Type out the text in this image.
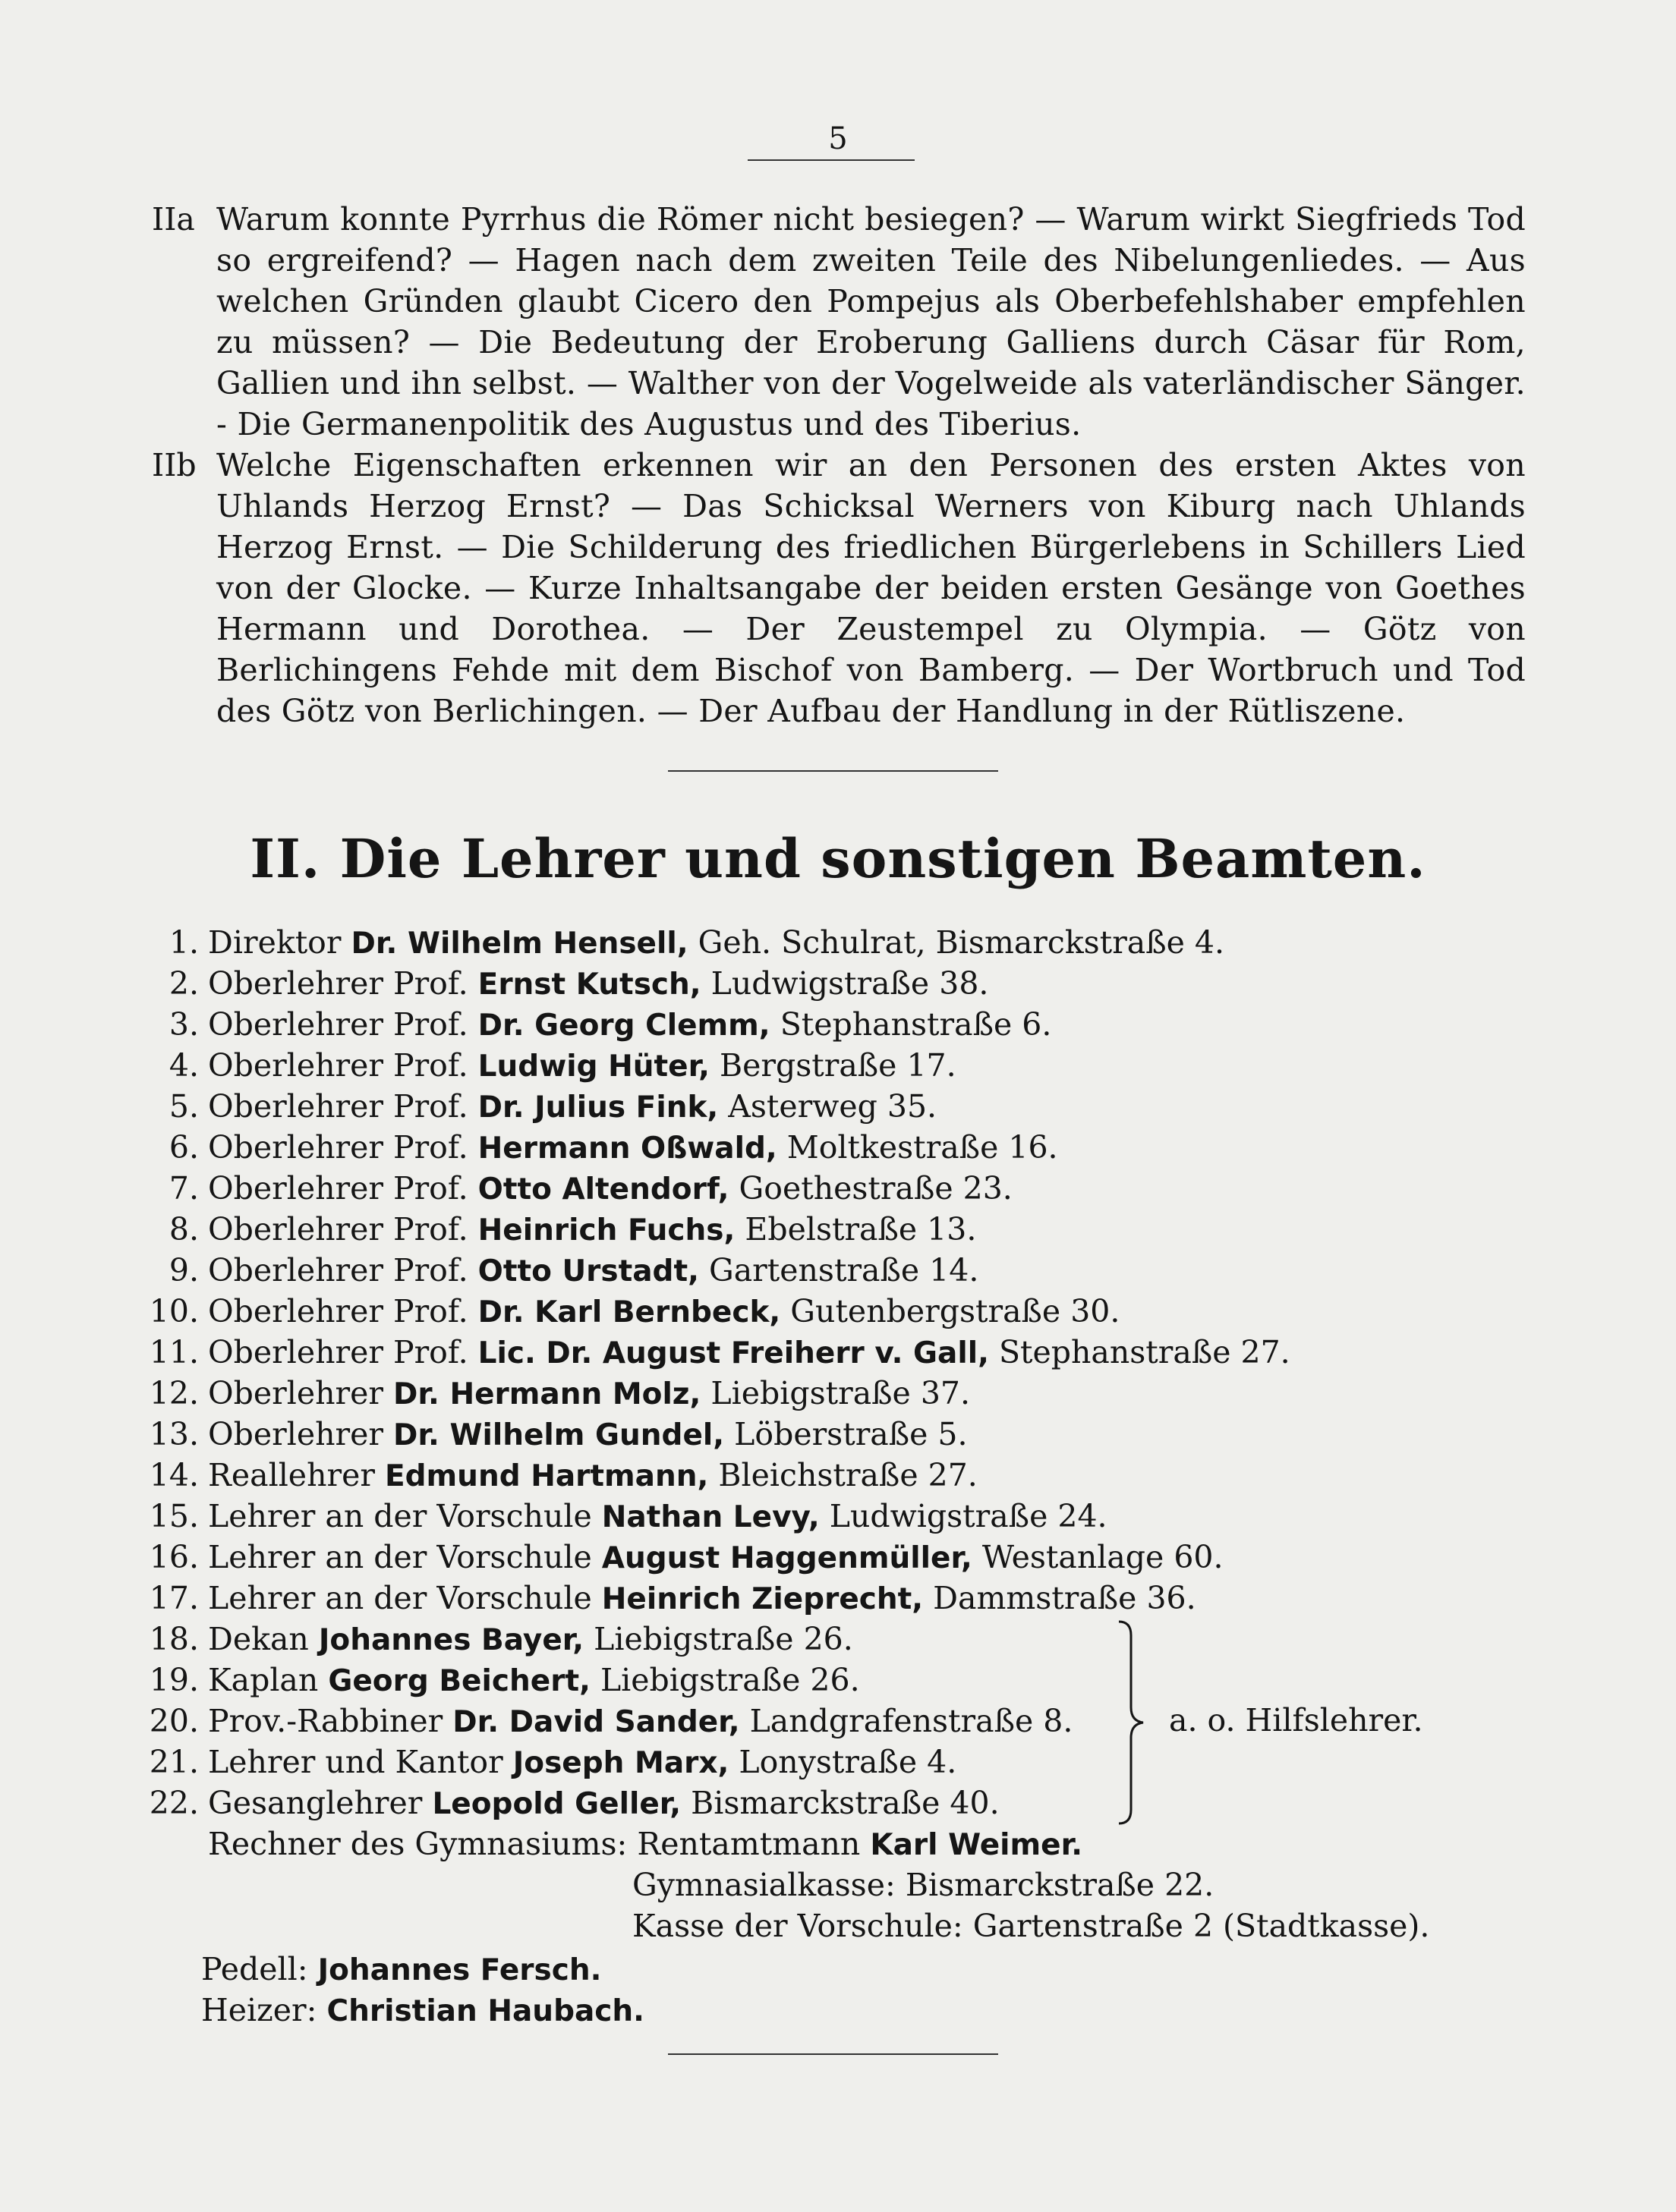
5
IIa Warum konnte Pyrrhus die Römer nicht besiegen? — Warum wirkt Siegfrieds Tod so ergreifend? — Hagen nach dem zweiten Teile des Nibelungenliedes. — Aus welchen Gründen glaubt Cicero den Pompejus als Oberbefehlshaber empfehlen zu müssen? — Die Bedeutung der Eroberung Galliens durch Cäsar für Rom, Gallien und ihn selbst. — Walther von der Vogelweide als vaterländischer Sänger. - Die Germanenpolitik des Augustus und des Tiberius.
IIb Welche Eigenschaften erkennen wir an den Personen des ersten Aktes von Uhlands Herzog Ernst? — Das Schicksal Werners von Kiburg nach Uhlands Herzog Ernst. — Die Schilderung des friedlichen Bürgerlebens in Schillers Lied von der Glocke. — Kurze Inhaltsangabe der beiden ersten Gesänge von Goethes Hermann und Dorothea. — Der Zeustempel zu Olympia. — Götz von Berlichingens Fehde mit dem Bischof von Bamberg. — Der Wortbruch und Tod des Götz von Berlichingen. — Der Aufbau der Handlung in der Rütliszene.
II. Die Lehrer und sonstigen Beamten.
1. Direktor Dr. Wilhelm Hensell, Geh. Schulrat, Bismarckstraße 4.
2. Oberlehrer Prof. Ernst Kutsch, Ludwigstraße 38.
3. Oberlehrer Prof. Dr. Georg Clemm, Stephanstraße 6.
4. Oberlehrer Prof. Ludwig Hüter, Bergstraße 17.
5. Oberlehrer Prof. Dr. Julius Fink, Asterweg 35.
6. Oberlehrer Prof. Hermann Oßwald, Moltkestraße 16.
7. Oberlehrer Prof. Otto Altendorf, Goethestraße 23.
8. Oberlehrer Prof. Heinrich Fuchs, Ebelstraße 13.
9. Oberlehrer Prof. Otto Urstadt, Gartenstraße 14.
10. Oberlehrer Prof. Dr. Karl Bernbeck, Gutenbergstraße 30.
11. Oberlehrer Prof. Lic. Dr. August Freiherr v. Gall, Stephanstraße 27.
12. Oberlehrer Dr. Hermann Molz, Liebigstraße 37.
13. Oberlehrer Dr. Wilhelm Gundel, Löberstraße 5.
14. Reallehrer Edmund Hartmann, Bleichstraße 27.
15. Lehrer an der Vorschule Nathan Levy, Ludwigstraße 24.
16. Lehrer an der Vorschule August Haggenmüller, Westanlage 60.
17. Lehrer an der Vorschule Heinrich Zieprecht, Dammstraße 36.
18. Dekan Johannes Bayer, Liebigstraße 26.
19. Kaplan Georg Beichert, Liebigstraße 26.
20. Prov.-Rabbiner Dr. David Sander, Landgrafenstraße 8.
21. Lehrer und Kantor Joseph Marx, Lonystraße 4.
22. Gesanglehrer Leopold Geller, Bismarckstraße 40.
Rechner des Gymnasiums: Rentamtmann Karl Weimer.
Gymnasialkasse: Bismarckstraße 22.
Kasse der Vorschule: Gartenstraße 2 (Stadtkasse).
a. o. Hilfslehrer.
Pedell: Johannes Fersch.
Heizer: Christian Haubach.
